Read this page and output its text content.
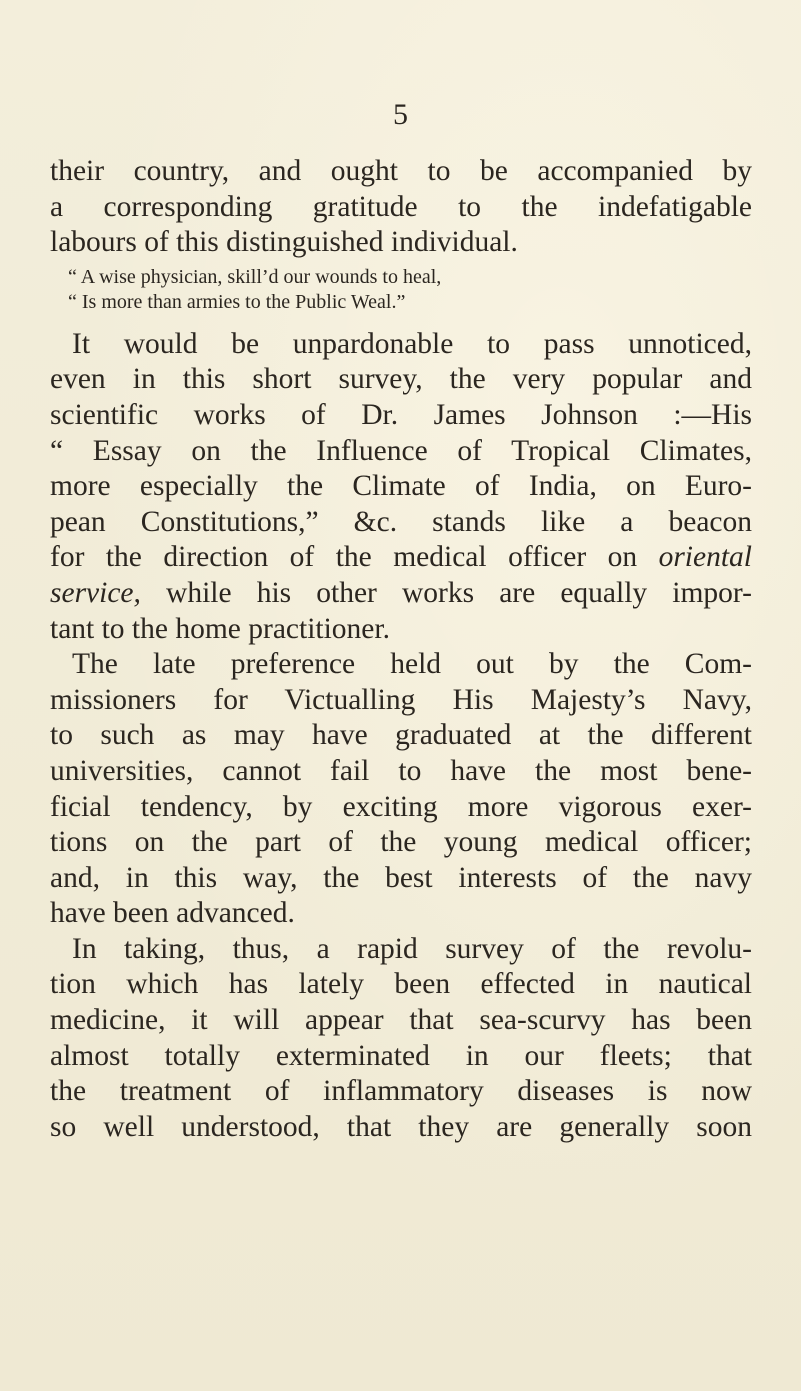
5
their country, and ought to be accompanied by
a corresponding gratitude to the indefatigable
labours of this distinguished individual.
“ A wise physician, skill’d our wounds to heal,
“ Is more than armies to the Public Weal.”
It would be unpardonable to pass unnoticed,
even in this short survey, the very popular and
scientific works of Dr. James Johnson :—His
“ Essay on the Influence of Tropical Climates,
more especially the Climate of India, on Euro-
pean Constitutions,” &c. stands like a beacon
for the direction of the medical officer on oriental
service, while his other works are equally impor-
tant to the home practitioner.
The late preference held out by the Com-
missioners for Victualling His Majesty’s Navy,
to such as may have graduated at the different
universities, cannot fail to have the most bene-
ficial tendency, by exciting more vigorous exer-
tions on the part of the young medical officer;
and, in this way, the best interests of the navy
have been advanced.
In taking, thus, a rapid survey of the revolu-
tion which has lately been effected in nautical
medicine, it will appear that sea-scurvy has been
almost totally exterminated in our fleets; that
the treatment of inflammatory diseases is now
so well understood, that they are generally soon
